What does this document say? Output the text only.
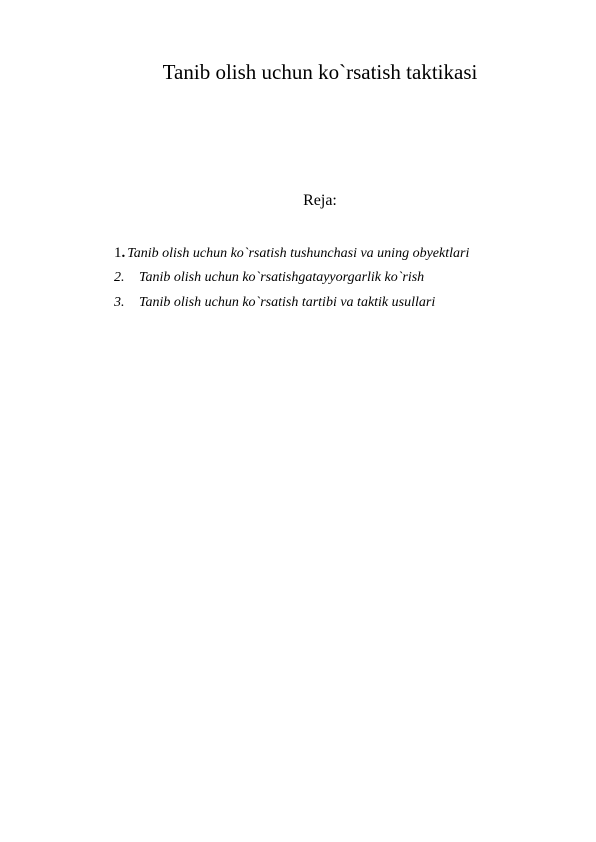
Tanib olish uchun ko`rsatish taktikasi
Reja:
1. Tanib olish uchun ko`rsatish tushunchasi va uning obyektlari
2. Tanib olish uchun ko`rsatishgatayyorgarlik ko`rish
3. Tanib olish uchun ko`rsatish tartibi va taktik usullari
